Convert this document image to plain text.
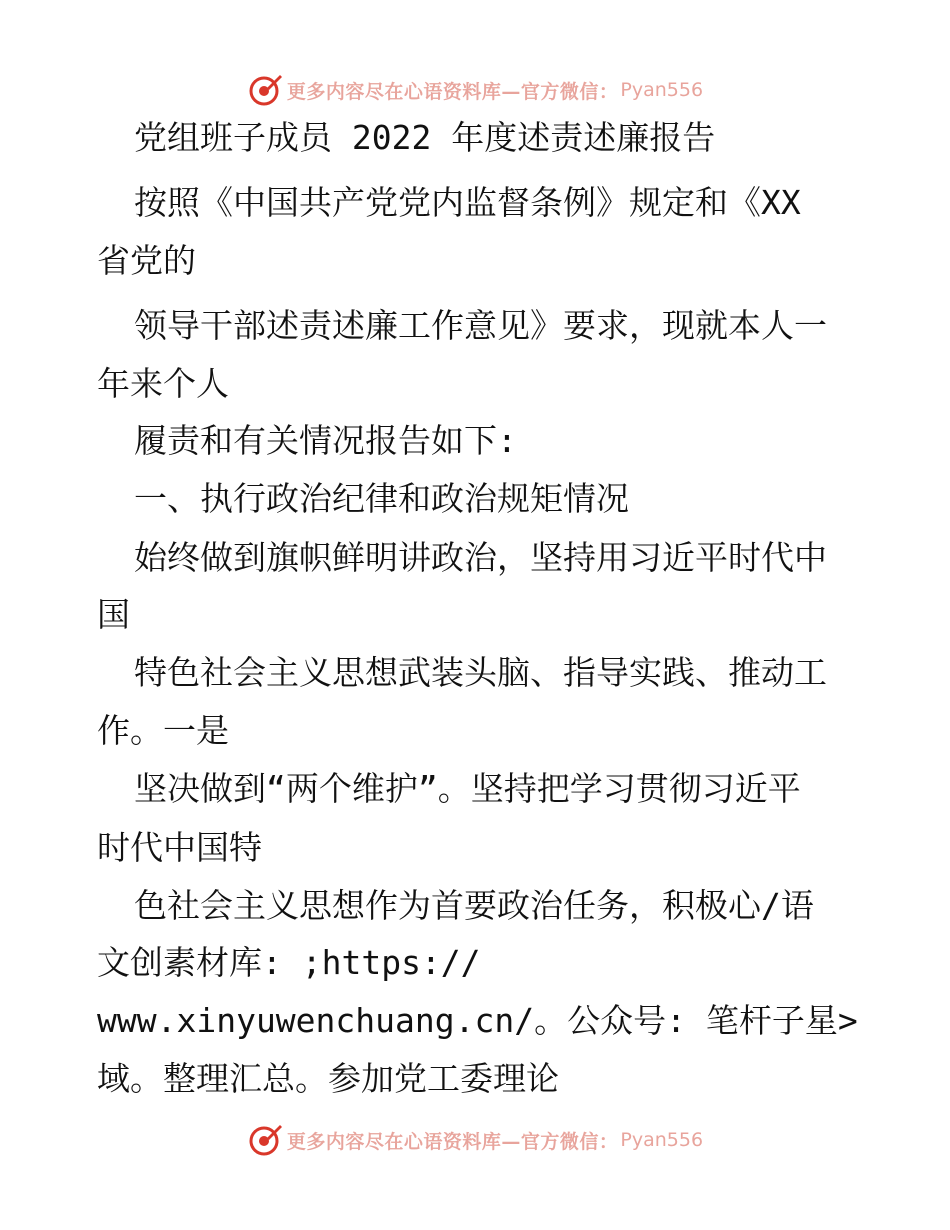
更多内容尽在心语资料库—官方微信： Pyan556
党组班子成员 2022 年度述责述廉报告
按照《中国共产党党内监督条例》规定和《XX
省党的
领导干部述责述廉工作意见》要求，现就本人一
年来个人
履责和有关情况报告如下:
一、执行政治纪律和政治规矩情况
始终做到旗帜鲜明讲政治，坚持用习近平时代中
国
特色社会主义思想武装头脑、指导实践、推动工
作。一是
坚决做到“两个维护”。坚持把学习贯彻习近平
时代中国特
色社会主义思想作为首要政治任务，积极心/语
文创素材库: ;https://
www.xinyuwenchuang.cn/。公众号: 笔杆子星>
域。整理汇总。参加党工委理论
更多内容尽在心语资料库—官方微信： Pyan556
